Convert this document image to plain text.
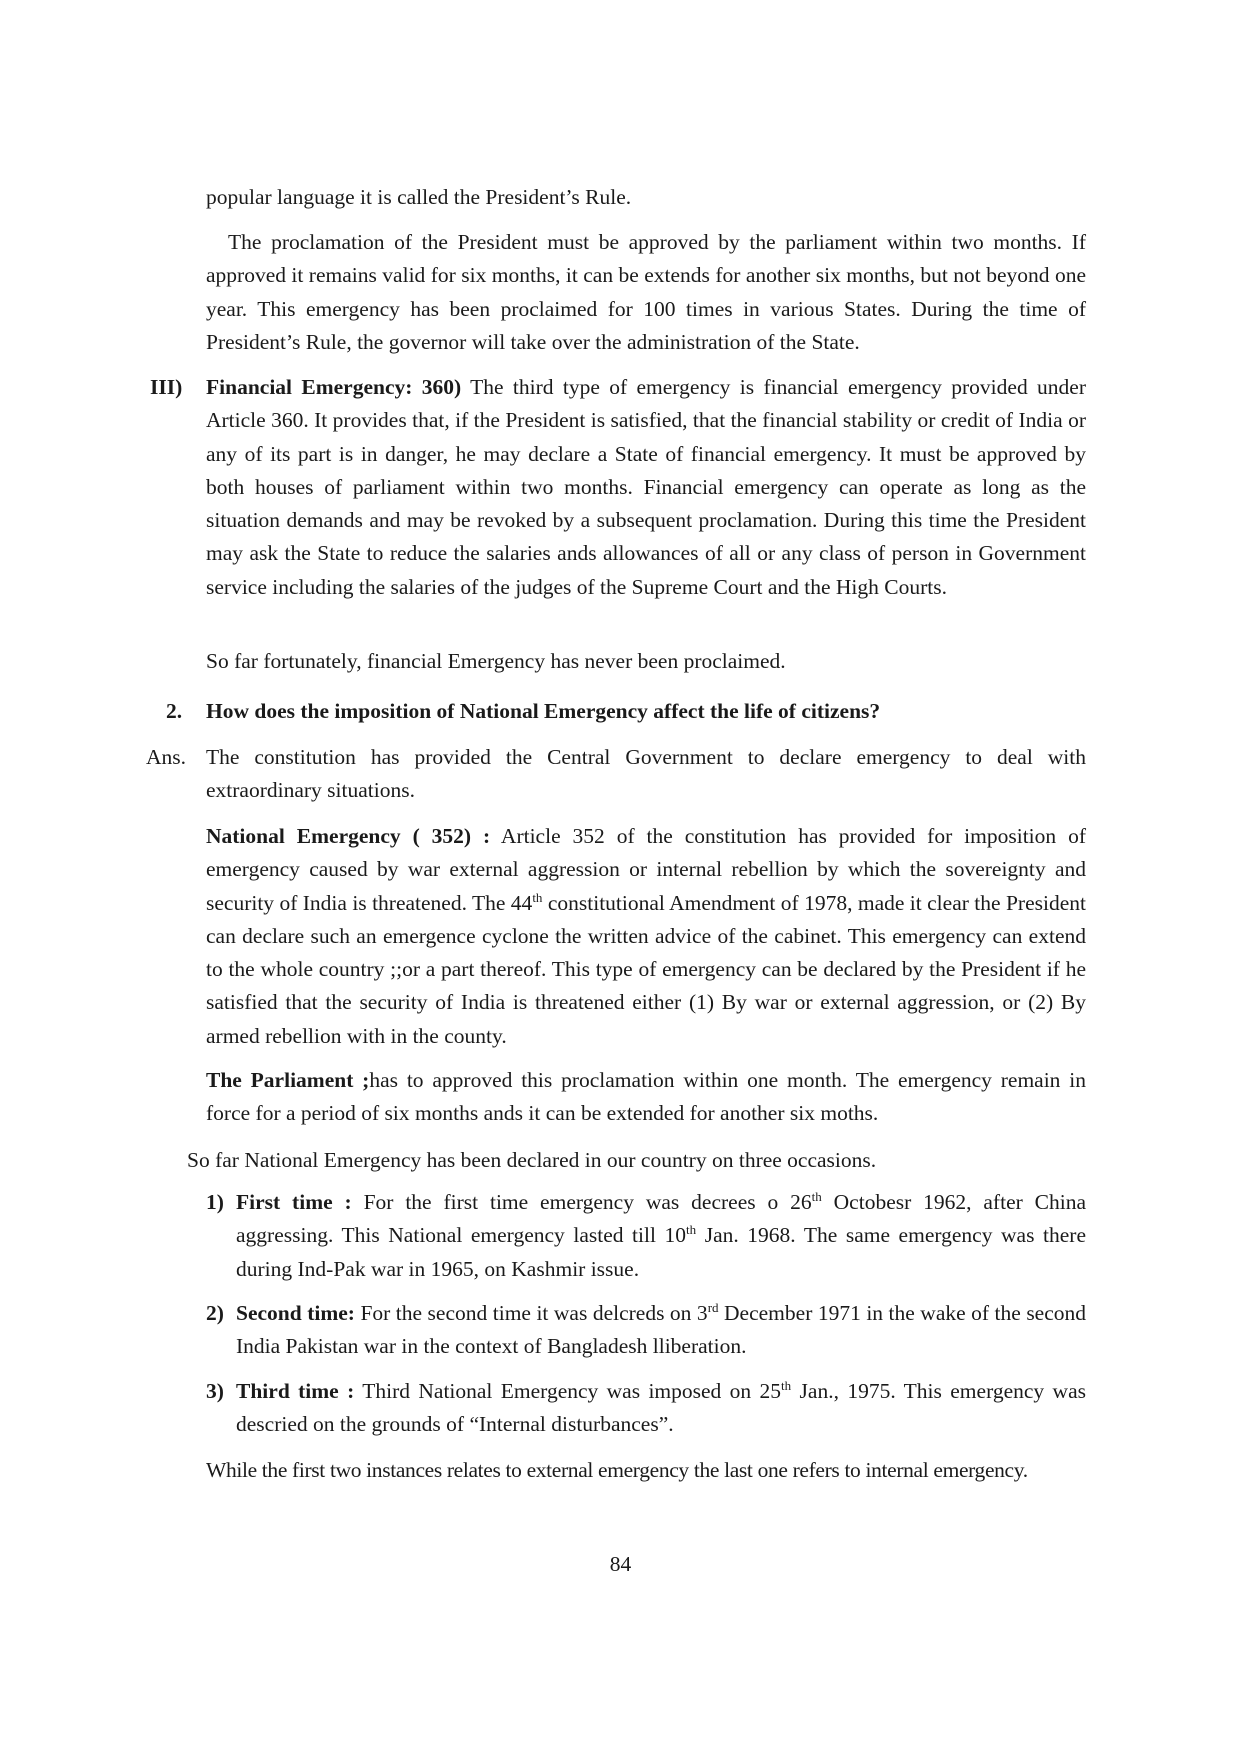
popular language it is called the President’s Rule.

The proclamation of the President must be approved by the parliament within two months. If approved it remains valid for six months, it can be extends for another six months, but not beyond one year. This emergency has been proclaimed for 100 times in various States. During the time of President’s Rule, the governor will take over the administration of the State.

III) Financial Emergency: 360) The third type of emergency is financial emergency provided under Article 360. It provides that, if the President is satisfied, that the financial stability or credit of India or any of its part is in danger, he may declare a State of financial emergency. It must be approved by both houses of parliament within two months. Financial emergency can operate as long as the situation demands and may be revoked by a subsequent proclamation. During this time the President may ask the State to reduce the salaries ands allowances of all or any class of person in Government service including the salaries of the judges of the Supreme Court and the High Courts.

So far fortunately, financial Emergency has never been proclaimed.

2. How does the imposition of National Emergency affect the life of citizens?

Ans. The constitution has provided the Central Government to declare emergency to deal with extraordinary situations.

National Emergency ( 352) : Article 352 of the constitution has provided for imposition of emergency caused by war external aggression or internal rebellion by which the sovereignty and security of India is threatened. The 44th constitutional Amendment of 1978, made it clear the President can declare such an emergence cyclone the written advice of the cabinet. This emergency can extend to the whole country ;;or a part thereof. This type of emergency can be declared by the President if he satisfied that the security of India is threatened either (1) By war or external aggression, or (2) By armed rebellion with in the county.

The Parliament ;has to approved this proclamation within one month. The emergency remain in force for a period of six months ands it can be extended for another six moths.

So far National Emergency has been declared in our country on three occasions.

1) First time : For the first time emergency was decrees o 26th Octobesr 1962, after China aggressing. This National emergency lasted till 10th Jan. 1968. The same emergency was there during Ind-Pak war in 1965, on Kashmir issue.

2) Second time: For the second time it was delcreds on 3rd December 1971 in the wake of the second India Pakistan war in the context of Bangladesh lliberation.

3) Third time : Third National Emergency was imposed on 25th Jan., 1975. This emergency was descried on the grounds of “Internal disturbances”.

While the first two instances relates to external emergency the last one refers to internal emergency.

84
